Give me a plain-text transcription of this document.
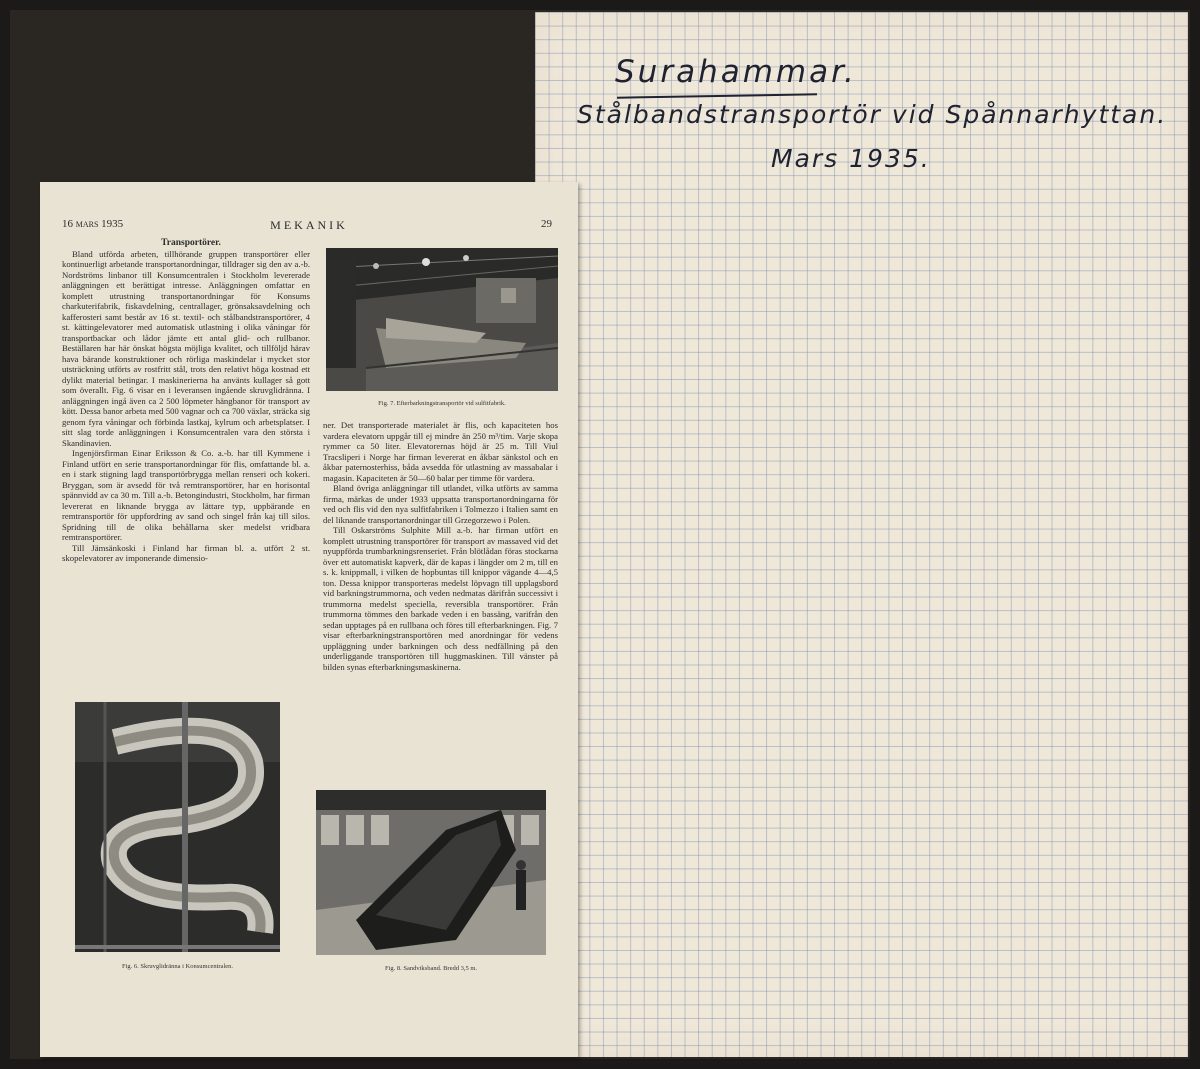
Surahammar.
Stålbandstransportör vid Spånnarhyttan.
Mars 1935.
16 mars 1935	MEKANIK	29

Transportörer.

Bland utförda arbeten, tillhörande gruppen transportörer eller kontinuerligt arbetande transportanordningar, tilldrager sig den av a.-b. Nordströms linbanor till Konsumcentralen i Stockholm levererade anläggningen ett berättigat intresse. Anläggningen omfattar en komplett utrustning transportanordningar för Konsums charkuterifabrik, fiskavdelning, centrallager, grönsaksavdelning och kafferosteri samt består av 16 st. textil- och stålbandstransportörer, 4 st. kättingelevatorer med automatisk utlastning i olika våningar för transportbackar och lådor jämte ett antal glid- och rullbanor. Beställaren har här önskat högsta möjliga kvalitet, och tillföljd härav hava bärande konstruktioner och rörliga maskindelar i mycket stor utsträckning utförts av rostfritt stål, trots den relativt höga kostnad ett dylikt material betingar. I maskinerierna ha använts kullager så gott som överallt. Fig. 6 visar en i leveransen ingående skruvglidränna. I anläggningen ingå även ca 2 500 löpmeter hängbanor för transport av kött. Dessa banor arbeta med 500 vagnar och ca 700 växlar, sträcka sig genom fyra våningar och förbinda lastkaj, kylrum och arbetsplatser. I sitt slag torde anläggningen i Konsumcentralen vara den största i Skandinavien.

Ingenjörsfirman Einar Eriksson & Co. a.-b. har till Kymmene i Finland utfört en serie transportanordningar för flis, omfattande bl. a. en i stark stigning lagd transportörbrygga mellan renseri och kokeri. Bryggan, som är avsedd för två remtransportörer, har en horisontal spännvidd av ca 30 m. Till a.-b. Betongindustri, Stockholm, har firman levererat en liknande brygga av lättare typ, uppbärande en remtransportör för uppfordring av sand och singel från kaj till silos. Spridning till de olika behållarna sker medelst vridbara remtransportörer.

Till Jämsänkoski i Finland har firman bl. a. utfört 2 st. skopelevatorer av imponerande dimensio-

Fig. 7. Efterbarkningstransportör vid sulfitfabrik.

ner. Det transporterade materialet är flis, och kapaciteten hos vardera elevatorn uppgår till ej mindre än 250 m³/tim. Varje skopa rymmer ca 50 liter. Elevatorernas höjd är 25 m. Till Viul Tracsliperi i Norge har firman levererat en åkbar sänkstol och en åkbar paternosterhiss, båda avsedda för utlastning av massabalar i magasin. Kapaciteten är 50—60 balar per timme för vardera.

Bland övriga anläggningar till utlandet, vilka utförts av samma firma, märkas de under 1933 uppsatta transportanordningarna för ved och flis vid den nya sulfitfabriken i Tolmezzo i Italien samt en del liknande transportanordningar till Grzegorzewo i Polen.

Till Oskarströms Sulphite Mill a.-b. har firman utfört en komplett utrustning transportörer för transport av massaved vid det nyuppförda trumbarkningsrenseriet. Från blötlådan föras stockarna över ett automatiskt kapverk, där de kapas i längder om 2 m, till en s. k. knippmall, i vilken de hopbuntas till knippor vägande 4—4,5 ton. Dessa knippor transporteras medelst löpvagn till upplagsbord vid barkningstrummorna, och veden nedmatas därifrån successivt i trummorna medelst speciella, reversibla transportörer. Från trummorna tömmes den barkade veden i en bassäng, varifrån den sedan upptages på en rullbana och föres till efterbarkningen. Fig. 7 visar efterbarkningstransportören med anordningar för vedens uppläggning under barkningen och dess nedfällning på den underliggande transportören till huggmaskinen. Till vänster på bilden synas efterbarkningsmaskinerna.

Fig. 6. Skruvglidränna i Konsumcentralen.	Fig. 8. Sandviksband. Bredd 3,5 m.
